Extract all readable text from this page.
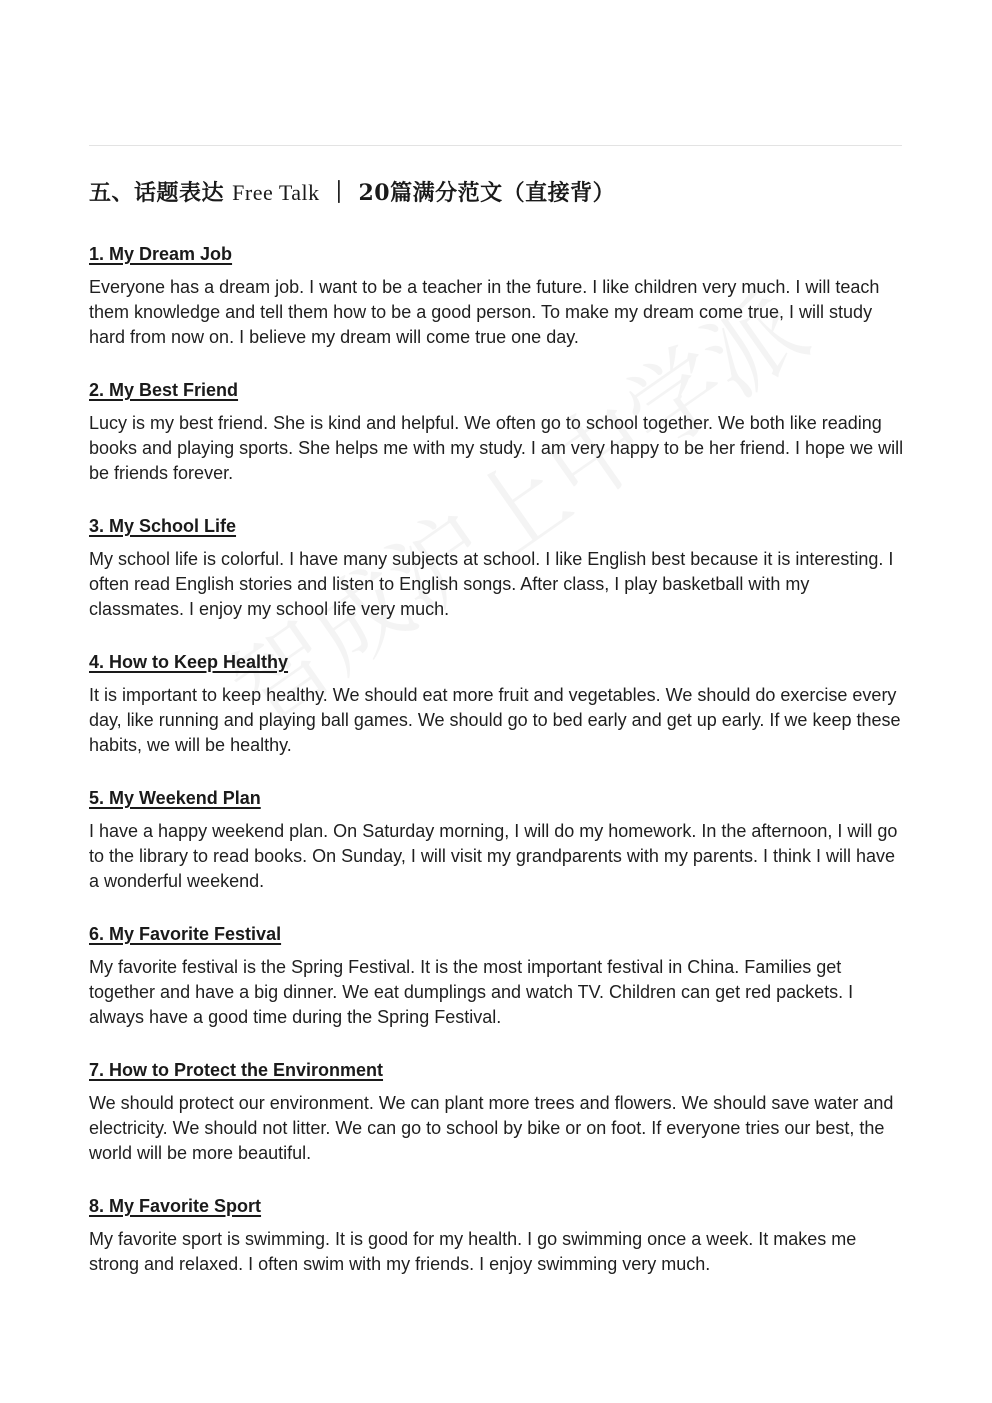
五、话题表达 Free Talk ｜ 20篇满分范文（直接背）
1. My Dream Job

Everyone has a dream job. I want to be a teacher in the future. I like children very much. I will teach them knowledge and tell them how to be a good person. To make my dream come true, I will study hard from now on. I believe my dream will come true one day.

2. My Best Friend

Lucy is my best friend. She is kind and helpful. We often go to school together. We both like reading books and playing sports. She helps me with my study. I am very happy to be her friend. I hope we will be friends forever.

3. My School Life

My school life is colorful. I have many subjects at school. I like English best because it is interesting. I often read English stories and listen to English songs. After class, I play basketball with my classmates. I enjoy my school life very much.

4. How to Keep Healthy

It is important to keep healthy. We should eat more fruit and vegetables. We should do exercise every day, like running and playing ball games. We should go to bed early and get up early. If we keep these habits, we will be healthy.

5. My Weekend Plan

I have a happy weekend plan. On Saturday morning, I will do my homework. In the afternoon, I will go to the library to read books. On Sunday, I will visit my grandparents with my parents. I think I will have a wonderful weekend.

6. My Favorite Festival

My favorite festival is the Spring Festival. It is the most important festival in China. Families get together and have a big dinner. We eat dumplings and watch TV. Children can get red packets. I always have a good time during the Spring Festival.

7. How to Protect the Environment

We should protect our environment. We can plant more trees and flowers. We should save water and electricity. We should not litter. We can go to school by bike or on foot. If everyone tries our best, the world will be more beautiful.

8. My Favorite Sport

My favorite sport is swimming. It is good for my health. I go swimming once a week. It makes me strong and relaxed. I often swim with my friends. I enjoy swimming very much.
